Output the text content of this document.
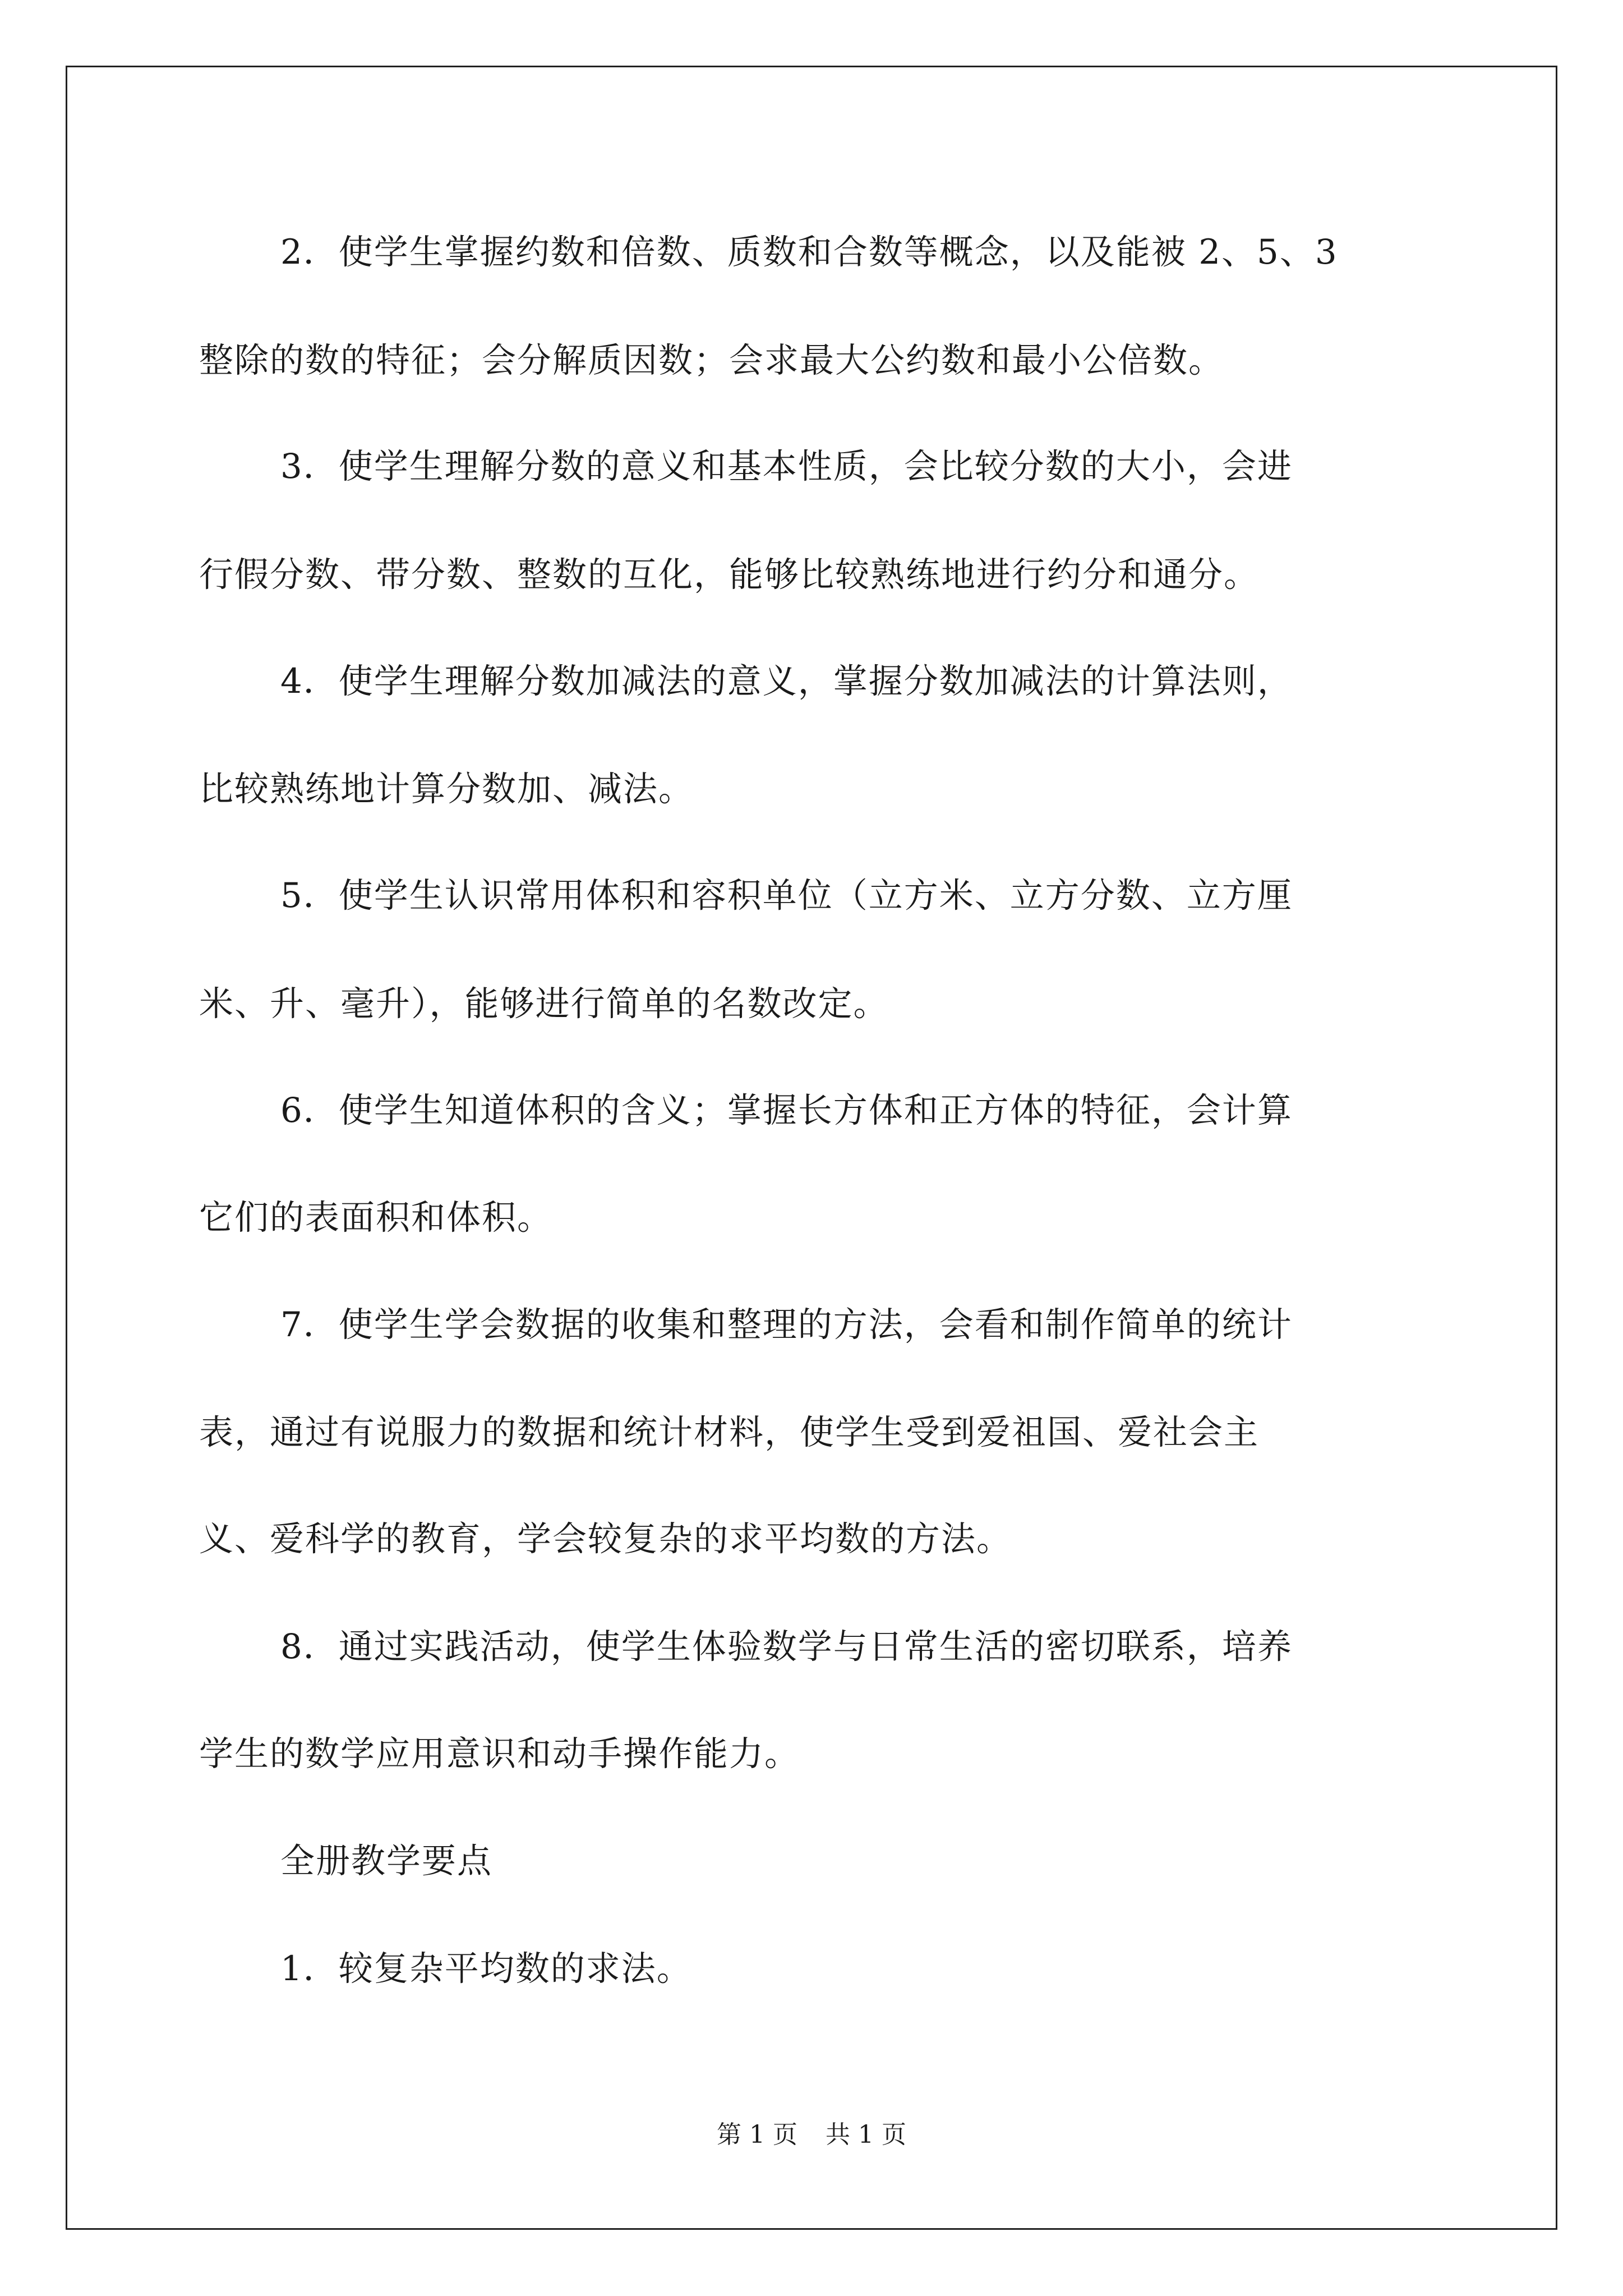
2．使学生掌握约数和倍数、质数和合数等概念，以及能被 2、5、3

整除的数的特征；会分解质因数；会求最大公约数和最小公倍数。

3．使学生理解分数的意义和基本性质，会比较分数的大小，会进

行假分数、带分数、整数的互化，能够比较熟练地进行约分和通分。

4．使学生理解分数加减法的意义，掌握分数加减法的计算法则，

比较熟练地计算分数加、减法。

5．使学生认识常用体积和容积单位（立方米、立方分数、立方厘

米、升、毫升），能够进行简单的名数改定。

6．使学生知道体积的含义；掌握长方体和正方体的特征，会计算

它们的表面积和体积。

7．使学生学会数据的收集和整理的方法，会看和制作简单的统计

表，通过有说服力的数据和统计材料，使学生受到爱祖国、爱社会主

义、爱科学的教育，学会较复杂的求平均数的方法。

8．通过实践活动，使学生体验数学与日常生活的密切联系，培养

学生的数学应用意识和动手操作能力。

全册教学要点

1．较复杂平均数的求法。

第 1 页 共 1 页
